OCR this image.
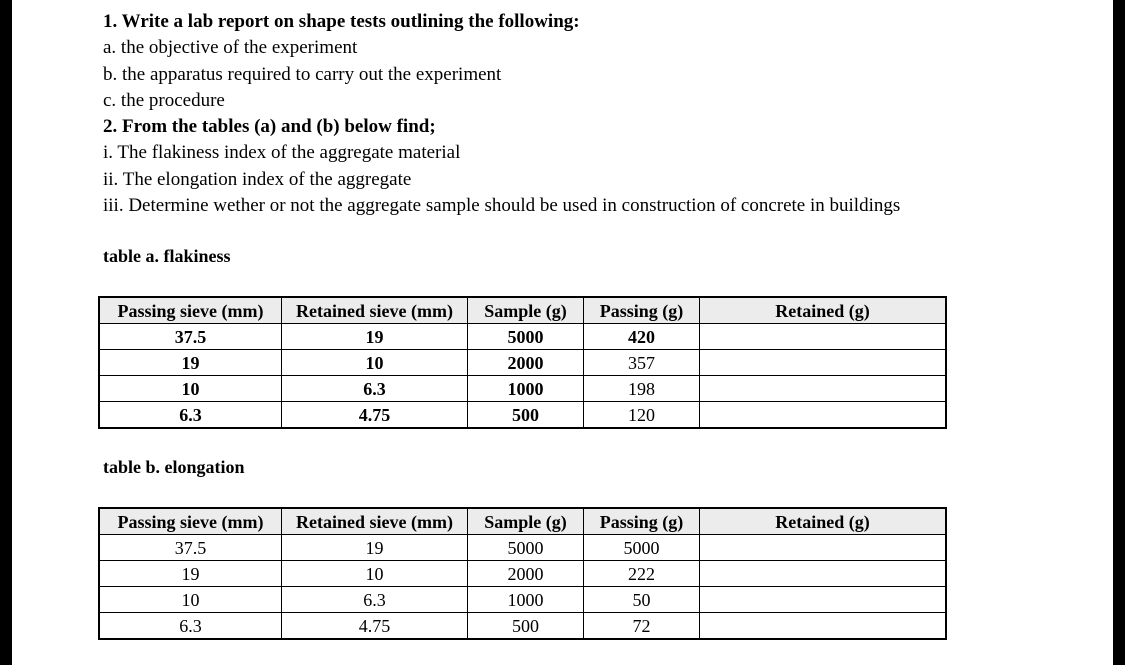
1. Write a lab report on shape tests outlining the following:

a. the objective of the experiment

b. the apparatus required to carry out the experiment

c. the procedure

2. From the tables (a) and (b) below find;

i. The flakiness index of the aggregate material

ii. The elongation index of the aggregate

iii. Determine wether or not the aggregate sample should be used in construction of concrete in buildings

table a. flakiness

Passing sieve (mm)	Retained sieve (mm)	Sample (g)	Passing (g)	Retained (g)
37.5	19	5000	420	
19	10	2000	357	
10	6.3	1000	198	
6.3	4.75	500	120	

table b. elongation

Passing sieve (mm)	Retained sieve (mm)	Sample (g)	Passing (g)	Retained (g)
37.5	19	5000	5000	
19	10	2000	222	
10	6.3	1000	50	
6.3	4.75	500	72	
